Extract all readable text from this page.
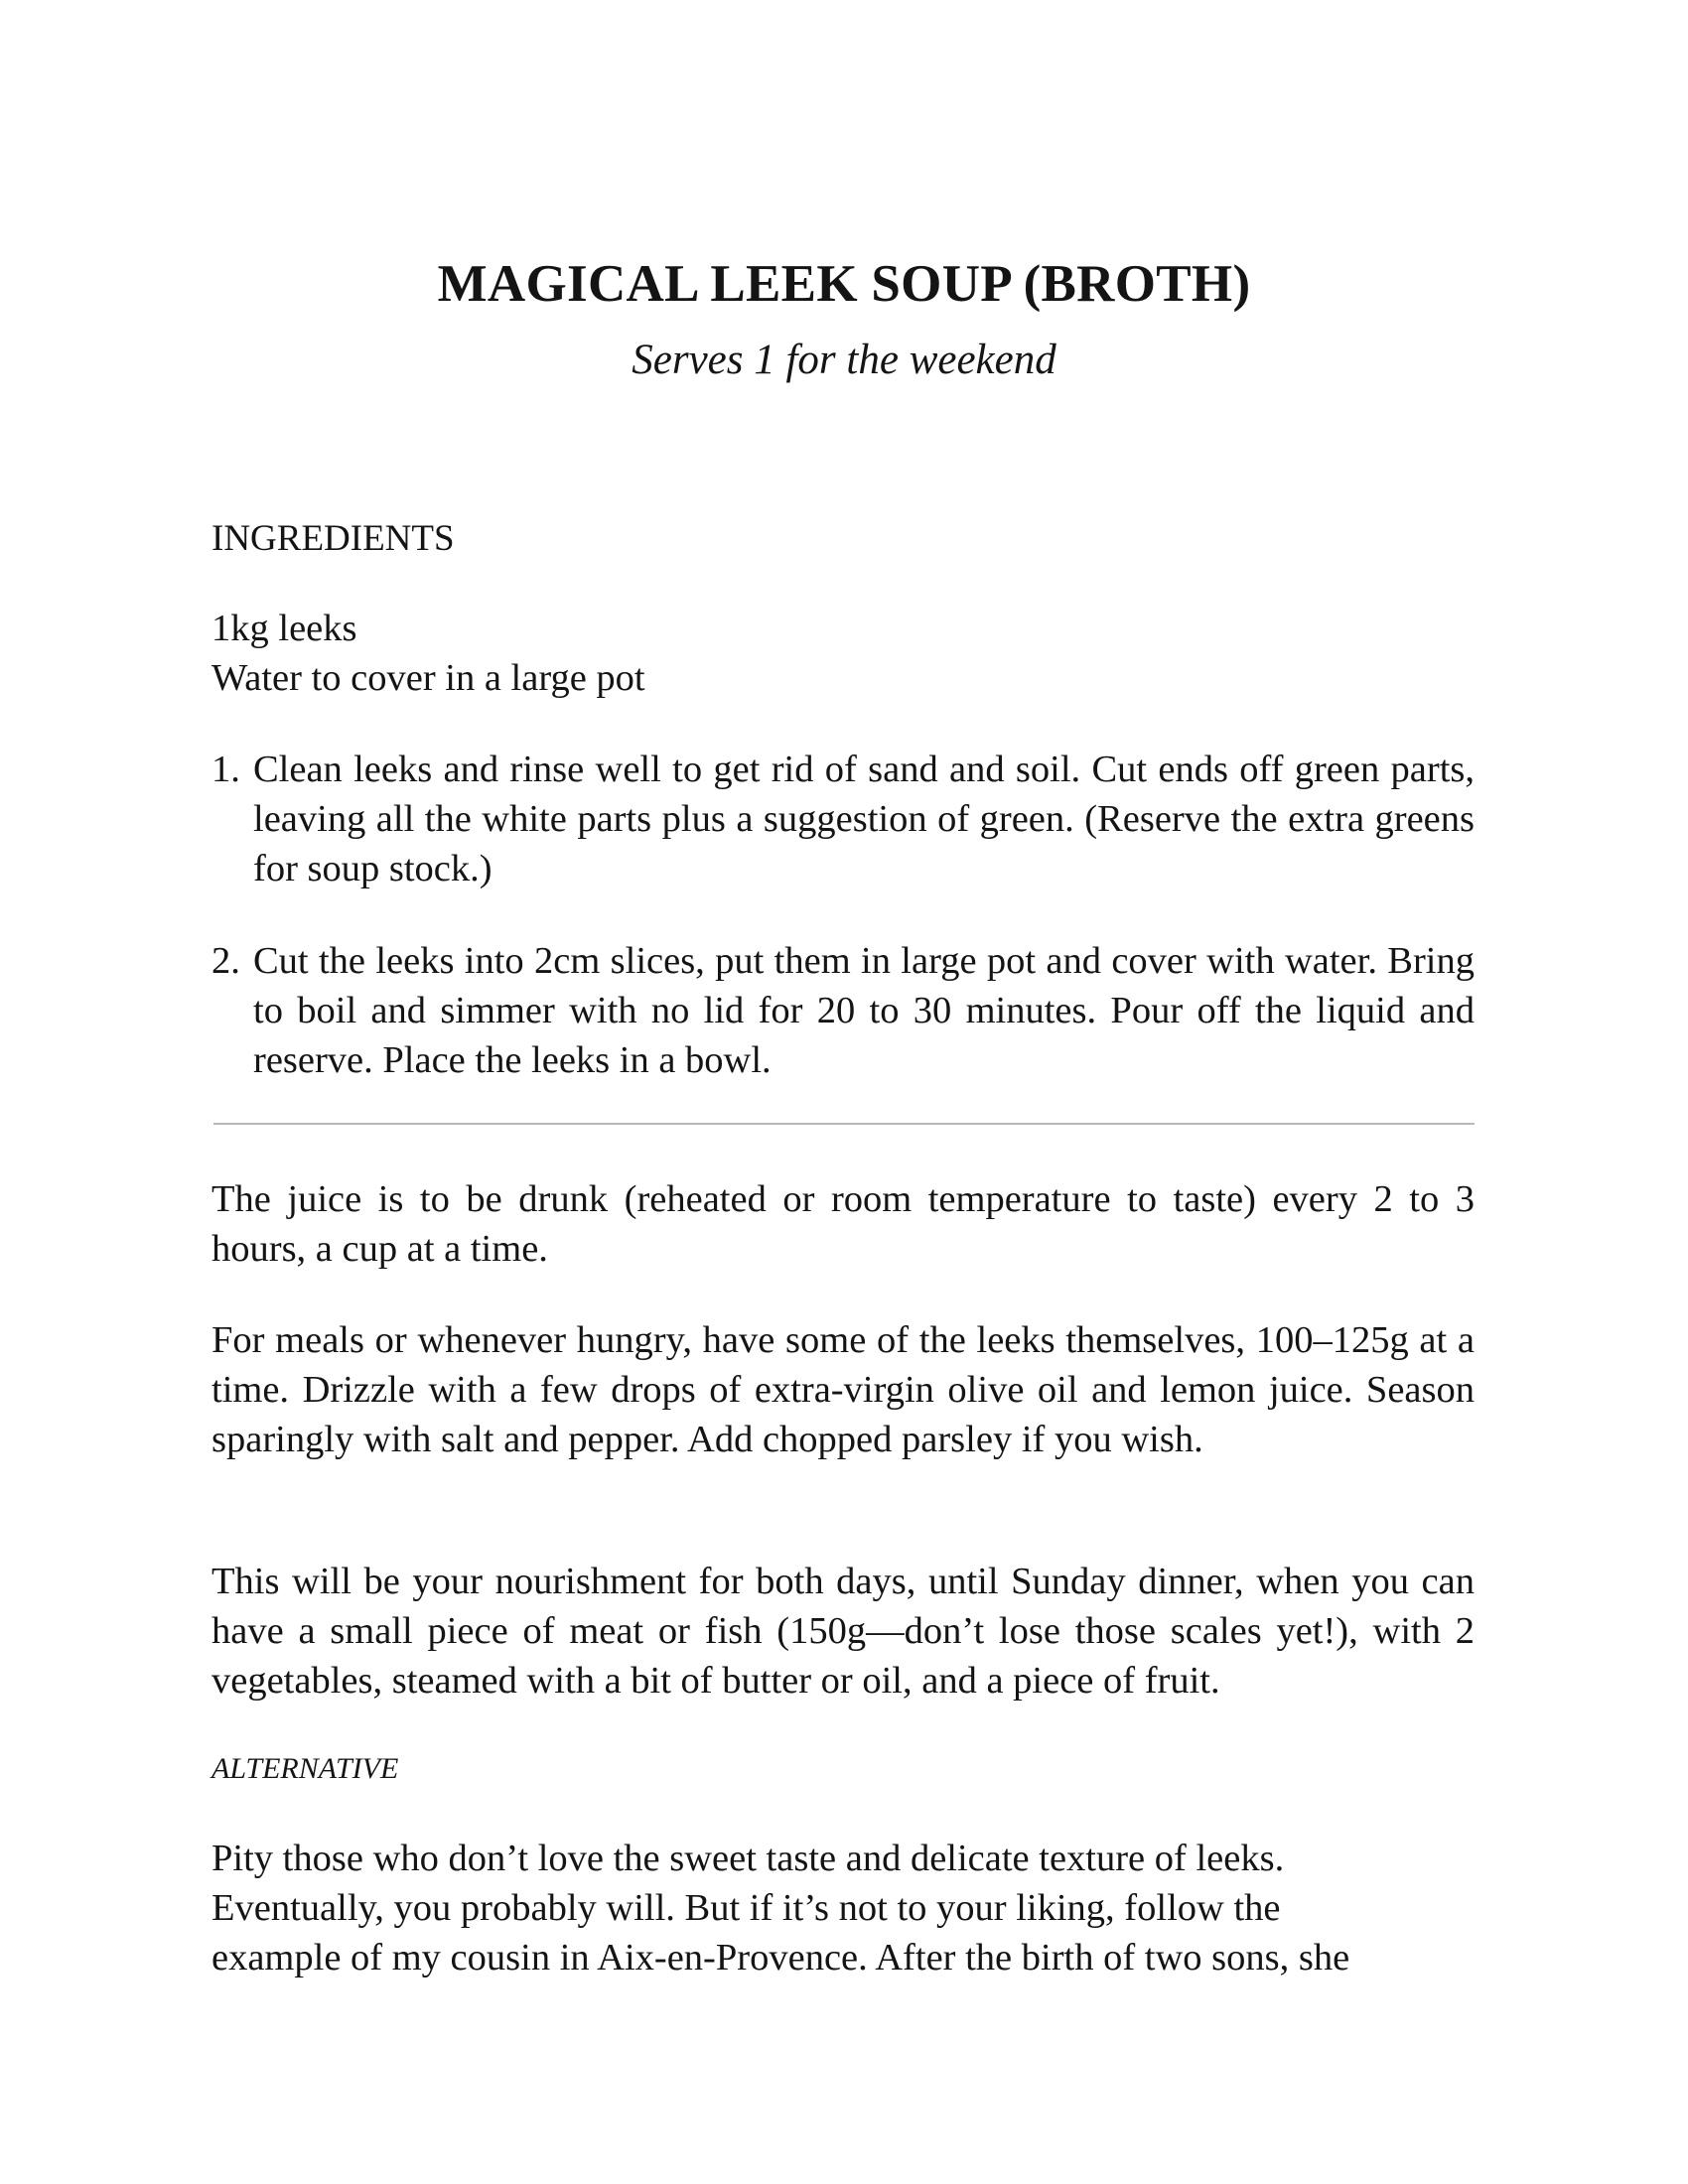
MAGICAL LEEK SOUP (BROTH)
Serves 1 for the weekend
INGREDIENTS
1kg leeks
Water to cover in a large pot
1. Clean leeks and rinse well to get rid of sand and soil. Cut ends off green parts, leaving all the white parts plus a suggestion of green. (Reserve the extra greens for soup stock.)
2. Cut the leeks into 2cm slices, put them in large pot and cover with water. Bring to boil and simmer with no lid for 20 to 30 minutes. Pour off the liquid and reserve. Place the leeks in a bowl.
The juice is to be drunk (reheated or room temperature to taste) every 2 to 3 hours, a cup at a time.
For meals or whenever hungry, have some of the leeks themselves, 100–125g at a time. Drizzle with a few drops of extra-virgin olive oil and lemon juice. Season sparingly with salt and pepper. Add chopped parsley if you wish.
This will be your nourishment for both days, until Sunday dinner, when you can have a small piece of meat or fish (150g—don’t lose those scales yet!), with 2 vegetables, steamed with a bit of butter or oil, and a piece of fruit.
ALTERNATIVE
Pity those who don’t love the sweet taste and delicate texture of leeks.
Eventually, you probably will. But if it’s not to your liking, follow the
example of my cousin in Aix-en-Provence. After the birth of two sons, she
